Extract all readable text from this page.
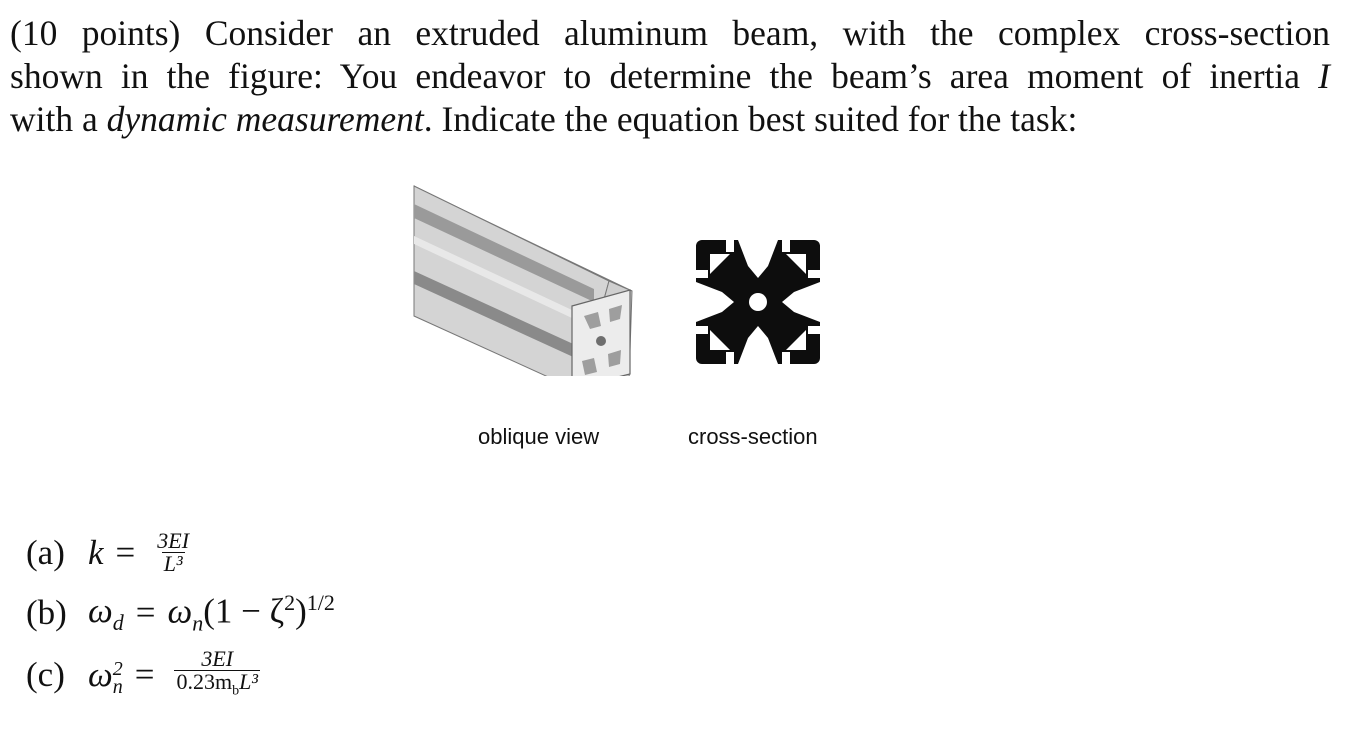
(10 points) Consider an extruded aluminum beam, with the complex cross-section
shown in the figure: You endeavor to determine the beam’s area moment of inertia I
with a dynamic measurement. Indicate the equation best suited for the task:
oblique view	cross-section
(a) $k = \frac{3EI}{\text{L³}}$
(b) $\omega_d = \omega_n(1 - \zeta^2)^{1/2}$
(c) ω 2
$n = \frac{3EI}{0.23m_bL^3}$
